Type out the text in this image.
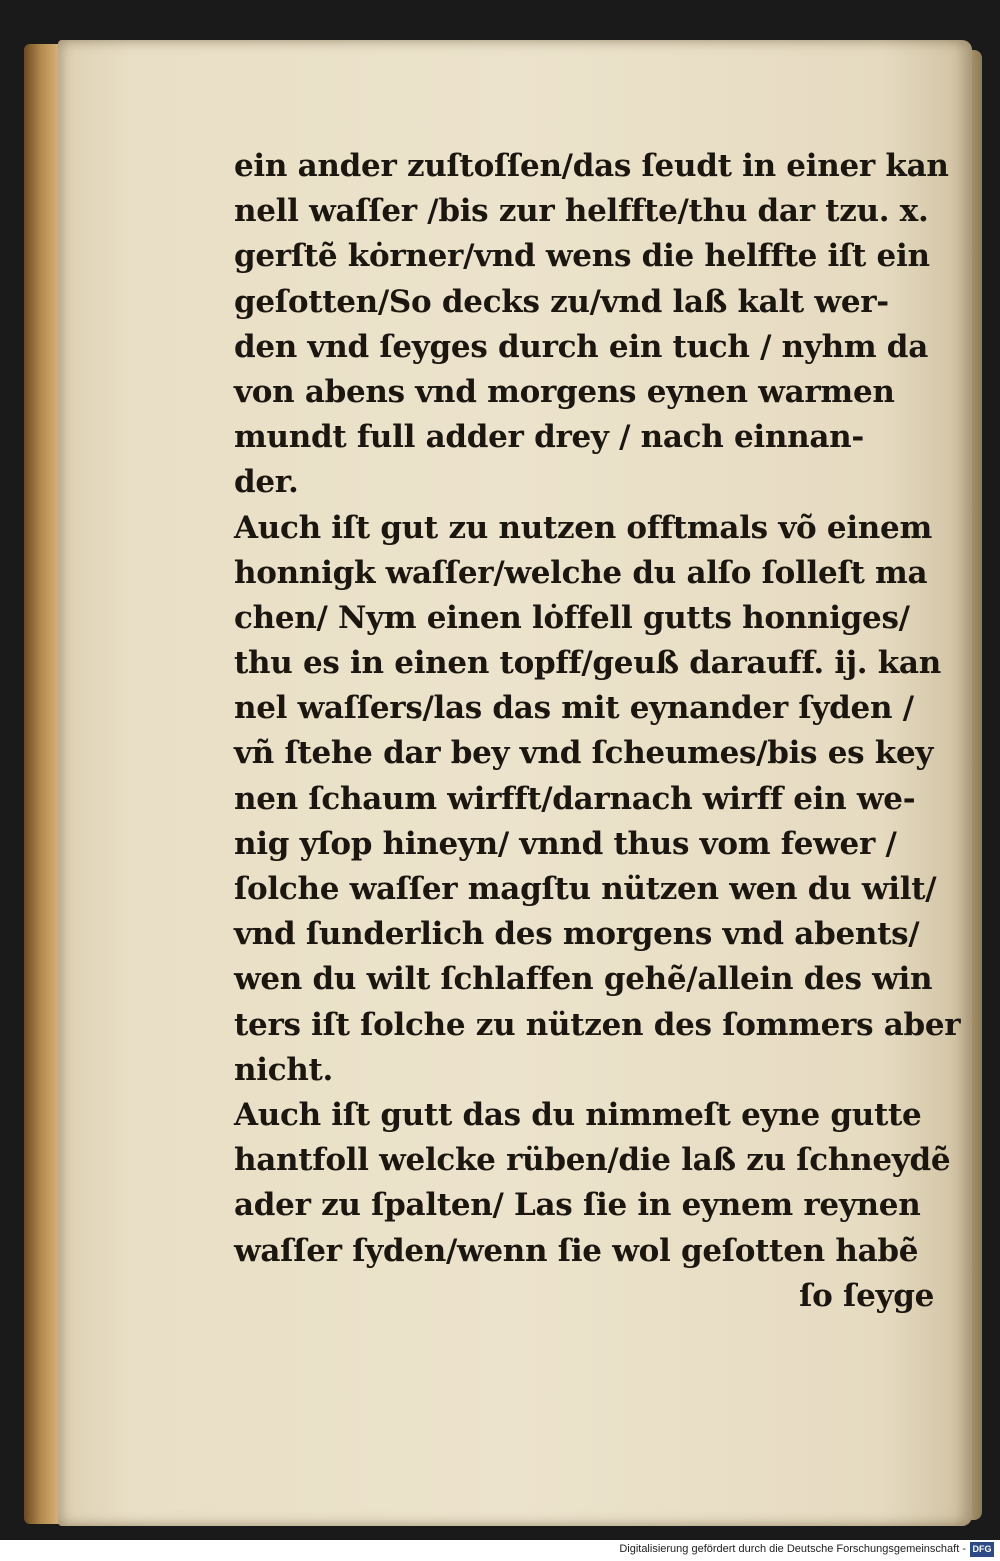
ein ander zuſtoſſen/das ſeudt in einer kan
nell waſſer /bis zur helffte/thu dar tzu. x.
gerſtẽ kȯrner/vnd wens die helffte iſt ein
geſotten/So decks zu/vnd laß kalt wer-
den vnd ſeyges durch ein tuch / nyhm da
von abens vnd morgens eynen warmen
mundt full adder drey / nach einnan-
der.
Auch iſt gut zu nutzen offtmals võ einem
honnigk waſſer/welche du alſo ſolleſt ma
chen/ Nym einen lȯffell gutts honniges/
thu es in einen topff/geuß darauff. ij. kan
nel waſſers/las das mit eynander ſyden /
vñ ſtehe dar bey vnd ſcheumes/bis es key
nen ſchaum wirfft/darnach wirff ein we-
nig yſop hineyn/ vnnd thus vom fewer /
ſolche waſſer magſtu nützen wen du wilt/
vnd ſunderlich des morgens vnd abents/
wen du wilt ſchlaffen gehẽ/allein des win
ters iſt ſolche zu nützen des ſommers aber
nicht.
Auch iſt gutt das du nimmeſt eyne gutte
hantfoll welcke rüben/die laß zu ſchneydẽ
ader zu ſpalten/ Las ſie in eynem reynen
waſſer ſyden/wenn ſie wol geſotten habẽ
ſo ſeyge
Digitalisierung gefördert durch die Deutsche Forschungsgemeinschaft - DFG
